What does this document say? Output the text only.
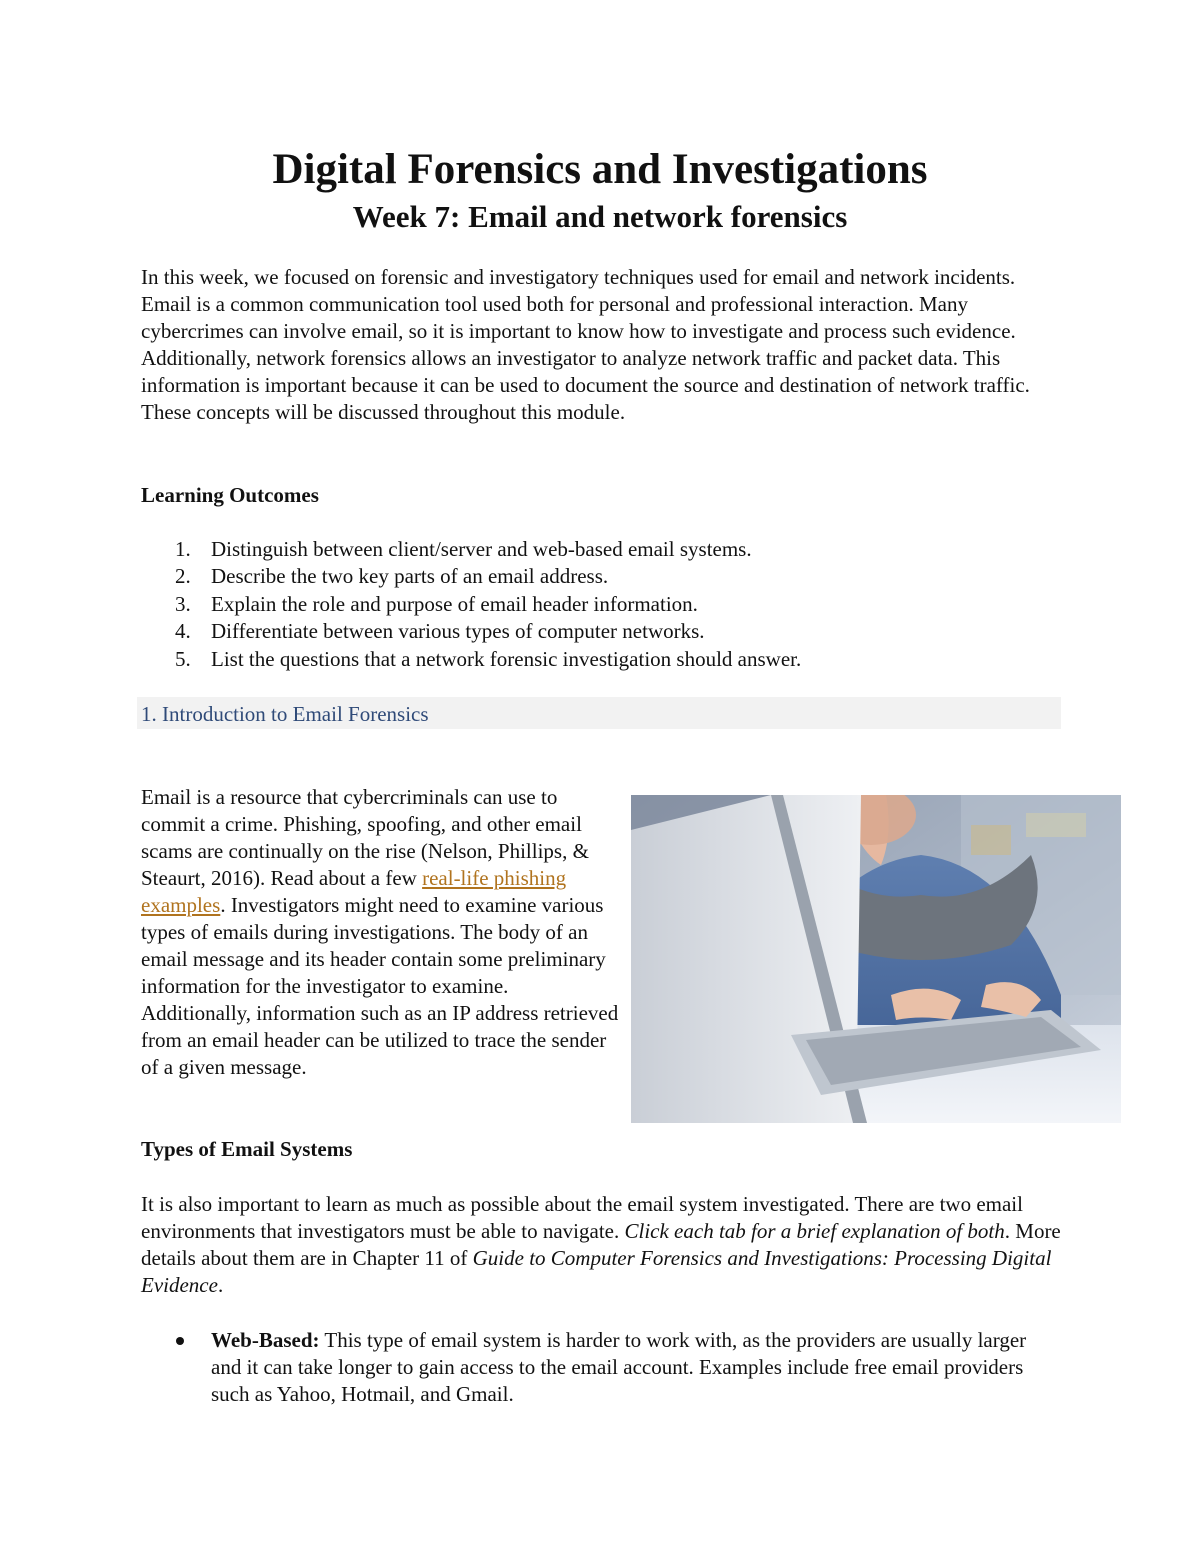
Digital Forensics and Investigations
Week 7: Email and network forensics

In this week, we focused on forensic and investigatory techniques used for email and network incidents. Email is a common communication tool used both for personal and professional interaction. Many cybercrimes can involve email, so it is important to know how to investigate and process such evidence. Additionally, network forensics allows an investigator to analyze network traffic and packet data. This information is important because it can be used to document the source and destination of network traffic. These concepts will be discussed throughout this module.

Learning Outcomes
1. Distinguish between client/server and web-based email systems.
2. Describe the two key parts of an email address.
3. Explain the role and purpose of email header information.
4. Differentiate between various types of computer networks.
5. List the questions that a network forensic investigation should answer.
1. Introduction to Email Forensics

Email is a resource that cybercriminals can use to commit a crime. Phishing, spoofing, and other email scams are continually on the rise (Nelson, Phillips, & Steaurt, 2016). Read about a few real-life phishing examples. Investigators might need to examine various types of emails during investigations. The body of an email message and its header contain some preliminary information for the investigator to examine. Additionally, information such as an IP address retrieved from an email header can be utilized to trace the sender of a given message.

Types of Email Systems

It is also important to learn as much as possible about the email system investigated. There are two email environments that investigators must be able to navigate. Click each tab for a brief explanation of both. More details about them are in Chapter 11 of Guide to Computer Forensics and Investigations: Processing Digital Evidence.

Web-Based: This type of email system is harder to work with, as the providers are usually larger and it can take longer to gain access to the email account. Examples include free email providers such as Yahoo, Hotmail, and Gmail.
